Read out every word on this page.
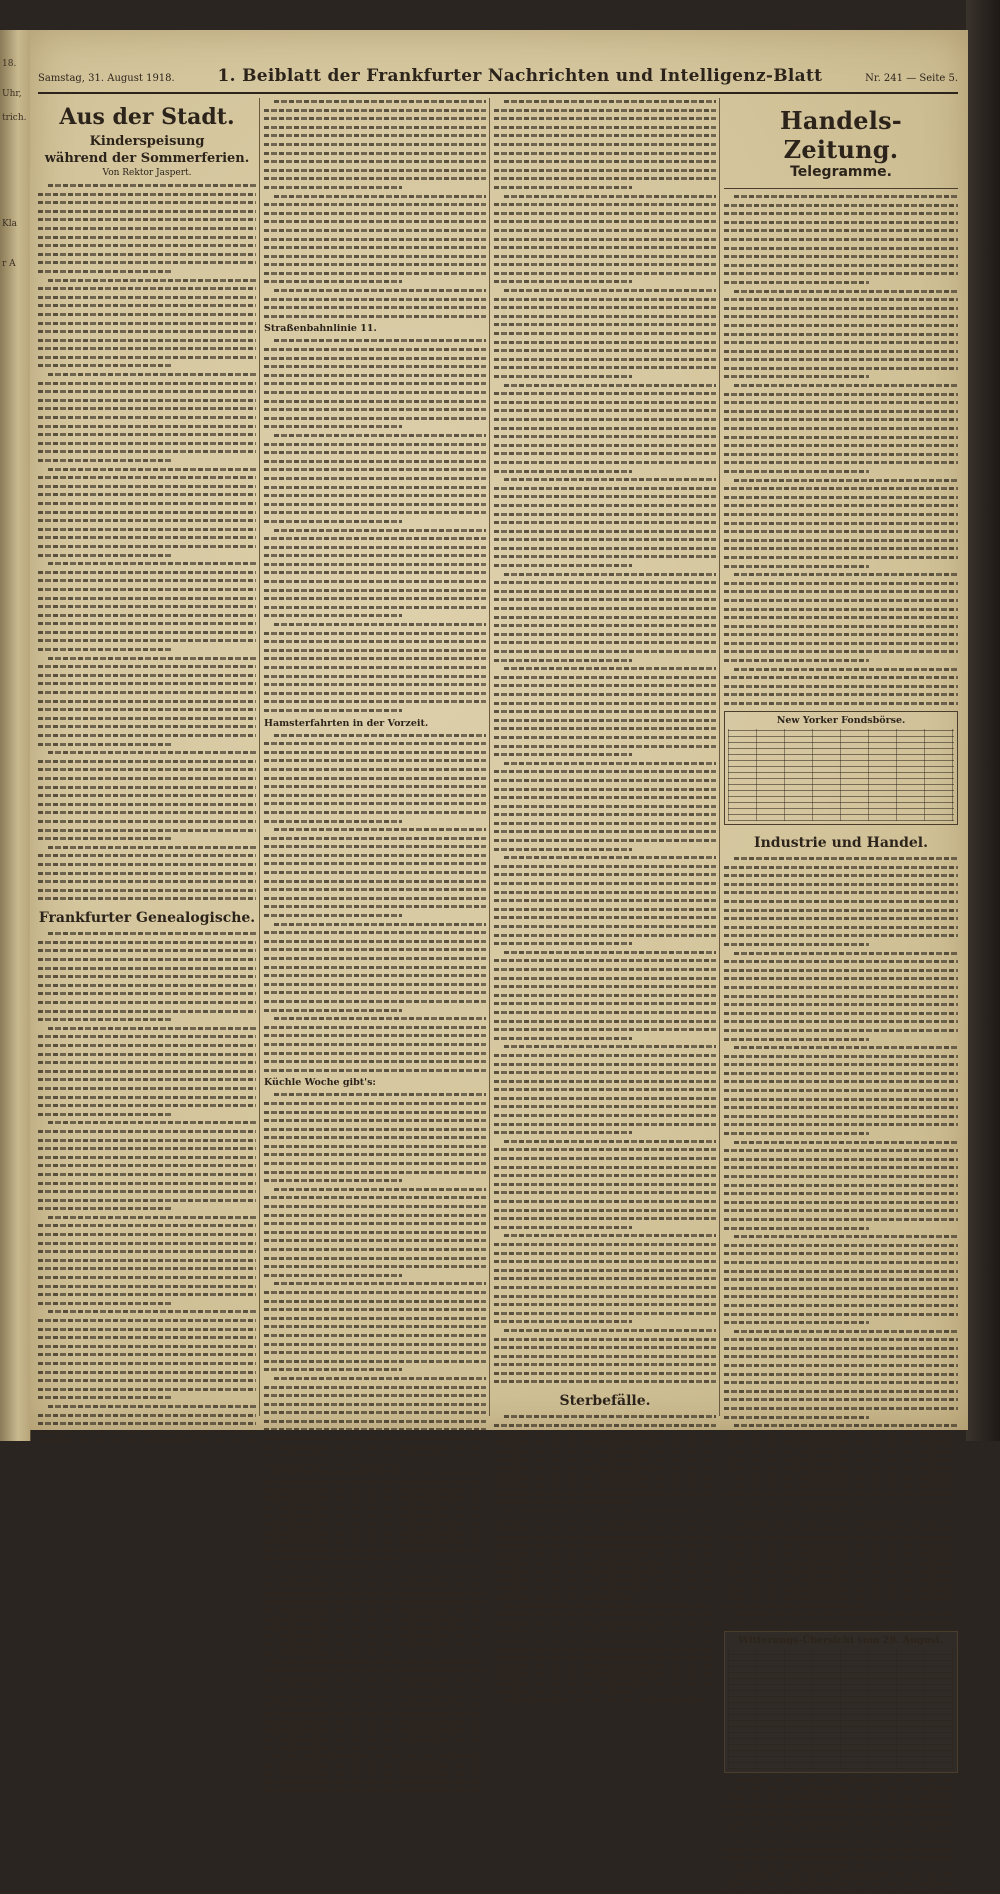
18.
Uhr,
trich.
Kla
r A
Samstag, 31. August 1918.	1. Beiblatt der Frankfurter Nachrichten und Intelligenz-Blatt	Nr. 241 — Seite 5.
Aus der Stadt.
Kinderspeisung
während der Sommerferien.
Von Rektor Jaspert.
Frankfurter Genealogische.
Straßenbahnlinie 11.
Hamsterfahrten in der Vorzeit.
Küchle Woche gibt's:
Sterbefälle.
Handels-Zeitung.
Telegramme.
New Yorker Fondsbörse.
Industrie und Handel.
Witterungs-Übersicht vom 29. August.
